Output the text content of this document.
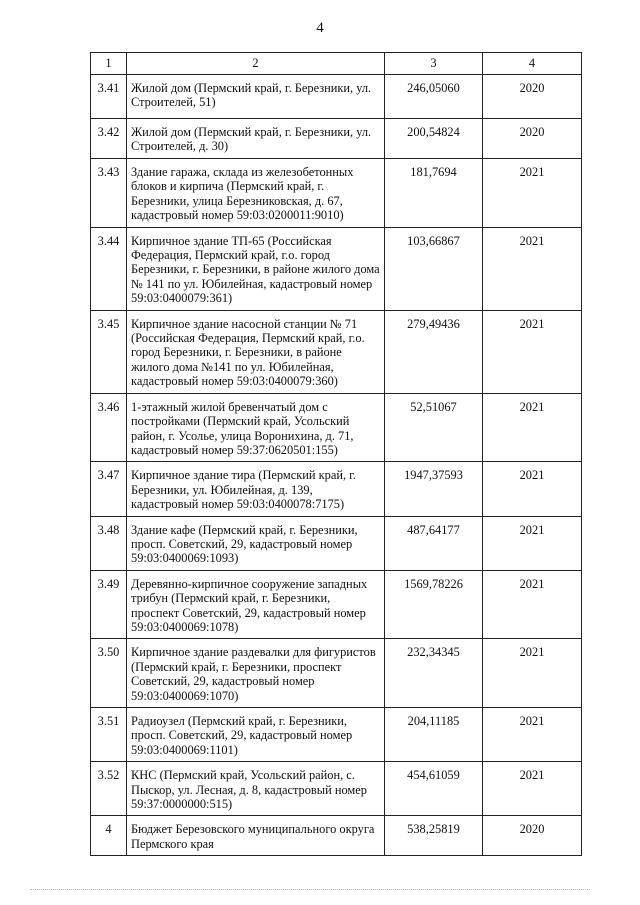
4
1	2	3	4
3.41	Жилой дом (Пермский край, г. Березники, ул. Строителей, 51)	246,05060	2020
3.42	Жилой дом (Пермский край, г. Березники, ул. Строителей, д. 30)	200,54824	2020
3.43	Здание гаража, склада из железобетонных блоков и кирпича (Пермский край, г. Березники, улица Березниковская, д. 67, кадастровый номер 59:03:0200011:9010)	181,7694	2021
3.44	Кирпичное здание ТП-65 (Российская Федерация, Пермский край, г.о. город Березники, г. Березники, в районе жилого дома № 141 по ул. Юбилейная, кадастровый номер 59:03:0400079:361)	103,66867	2021
3.45	Кирпичное здание насосной станции № 71 (Российская Федерация, Пермский край, г.о. город Березники, г. Березники, в районе жилого дома №141 по ул. Юбилейная, кадастровый номер 59:03:0400079:360)	279,49436	2021
3.46	1-этажный жилой бревенчатый дом с постройками (Пермский край, Усольский район, г. Усолье, улица Воронихина, д. 71, кадастровый номер 59:37:0620501:155)	52,51067	2021
3.47	Кирпичное здание тира (Пермский край, г. Березники, ул. Юбилейная, д. 139, кадастровый номер 59:03:0400078:7175)	1947,37593	2021
3.48	Здание кафе (Пермский край, г. Березники, просп. Советский, 29, кадастровый номер 59:03:0400069:1093)	487,64177	2021
3.49	Деревянно-кирпичное сооружение западных трибун (Пермский край, г. Березники, проспект Советский, 29, кадастровый номер 59:03:0400069:1078)	1569,78226	2021
3.50	Кирпичное здание раздевалки для фигуристов (Пермский край, г. Березники, проспект Советский, 29, кадастровый номер 59:03:0400069:1070)	232,34345	2021
3.51	Радиоузел (Пермский край, г. Березники, просп. Советский, 29, кадастровый номер 59:03:0400069:1101)	204,11185	2021
3.52	КНС (Пермский край, Усольский район, с. Пыскор, ул. Лесная, д. 8, кадастровый номер 59:37:0000000:515)	454,61059	2021
4	Бюджет Березовского муниципального округа Пермского края	538,25819	2020
